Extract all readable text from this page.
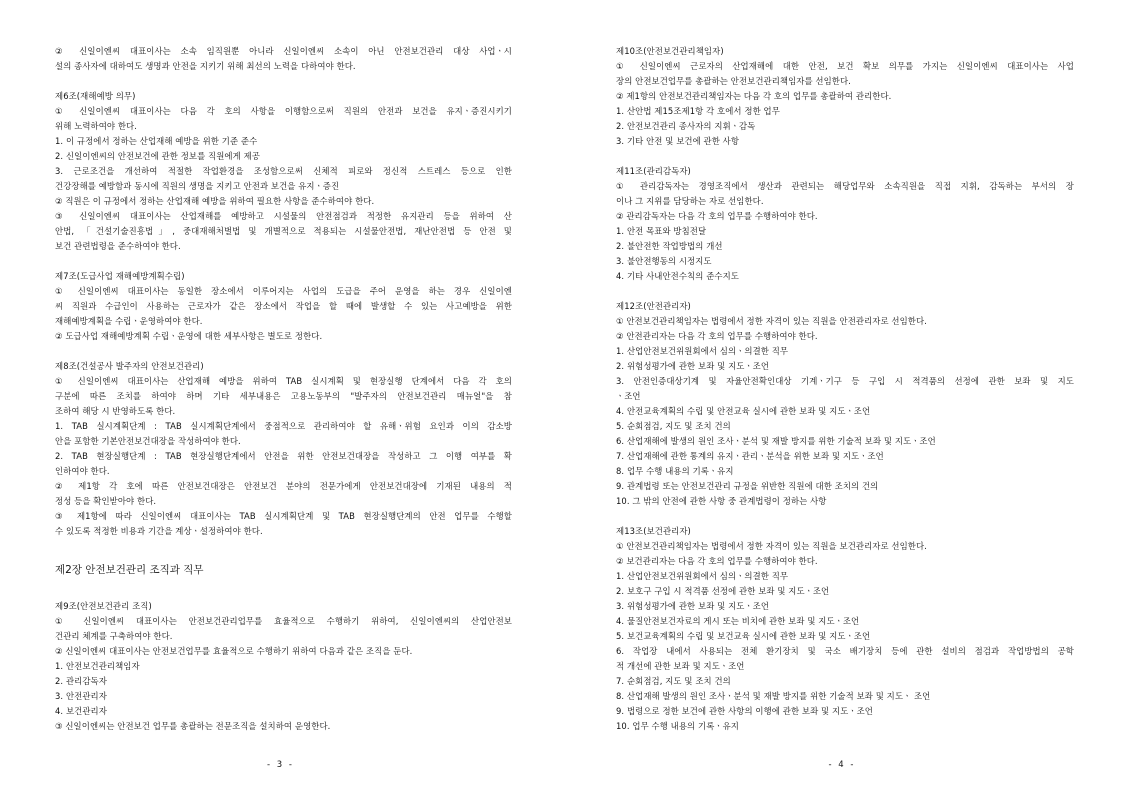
② 신일이엔씨 대표이사는 소속 임직원뿐 아니라 신일이엔씨 소속이 아닌 안전보건관리 대상 사업ㆍ시
설의 종사자에 대하여도 생명과 안전을 지키기 위해 최선의 노력을 다하여야 한다.
제6조(재해예방 의무)
① 신일이엔씨 대표이사는 다음 각 호의 사항을 이행함으로써 직원의 안전과 보건을 유지ㆍ증진시키기
위해 노력하여야 한다.
1. 이 규정에서 정하는 산업재해 예방을 위한 기준 준수
2. 신일이엔씨의 안전보건에 관한 정보를 직원에게 제공
3. 근로조건을 개선하여 적절한 작업환경을 조성함으로써 신체적 피로와 정신적 스트레스 등으로 인한
건강장해를 예방함과 동시에 직원의 생명을 지키고 안전과 보건을 유지ㆍ증진
② 직원은 이 규정에서 정하는 산업재해 예방을 위하여 필요한 사항을 준수하여야 한다.
③ 신일이엔씨 대표이사는 산업재해를 예방하고 시설물의 안전점검과 적정한 유지관리 등을 위하여 산
안법, 「건설기술진흥법」, 중대재해처벌법 및 개별적으로 적용되는 시설물안전법, 재난안전법 등 안전 및
보건 관련법령을 준수하여야 한다.
제7조(도급사업 재해예방계획수립)
① 신일이엔씨 대표이사는 동일한 장소에서 이루어지는 사업의 도급을 주어 운영을 하는 경우 신일이엔
씨 직원과 수급인이 사용하는 근로자가 같은 장소에서 작업을 할 때에 발생할 수 있는 사고예방을 위한
재해예방계획을 수립ㆍ운영하여야 한다.
② 도급사업 재해예방계획 수립ㆍ운영에 대한 세부사항은 별도로 정한다.
제8조(건설공사 발주자의 안전보건관리)
① 신일이엔씨 대표이사는 산업재해 예방을 위하여 TAB 실시계획 및 현장실행 단계에서 다음 각 호의
구분에 따른 조치를 하여야 하며 기타 세부내용은 고용노동부의 "발주자의 안전보건관리 매뉴얼"을 참
조하여 해당 시 반영하도록 한다.
1. TAB 실시계획단계 : TAB 실시계획단계에서 중점적으로 관리하여야 할 유해ㆍ위험 요인과 이의 감소방
안을 포함한 기본안전보건대장을 작성하여야 한다.
2. TAB 현장실행단계 : TAB 현장실행단계에서 안전을 위한 안전보건대장을 작성하고 그 이행 여부를 확
인하여야 한다.
② 제1항 각 호에 따른 안전보건대장은 안전보건 분야의 전문가에게 안전보건대장에 기재된 내용의 적
정성 등을 확인받아야 한다.
③ 제1항에 따라 신일이엔씨 대표이사는 TAB 실시계획단계 및 TAB 현장실행단계의 안전 업무를 수행할
수 있도록 적정한 비용과 기간을 계상ㆍ설정하여야 한다.
제2장 안전보건관리 조직과 직무
제9조(안전보건관리 조직)
① 신일이엔씨 대표이사는 안전보건관리업무를 효율적으로 수행하기 위하여, 신일이엔씨의 산업안전보
건관리 체계를 구축하여야 한다.
② 신일이엔씨 대표이사는 안전보건업무를 효율적으로 수행하기 위하여 다음과 같은 조직을 둔다.
1. 안전보건관리책임자
2. 관리감독자
3. 안전관리자
4. 보건관리자
③ 신일이엔씨는 안전보건 업무를 총괄하는 전문조직을 설치하여 운영한다.
- 3 -
제10조(안전보건관리책임자)
① 신일이엔씨 근로자의 산업재해에 대한 안전, 보건 확보 의무를 가지는 신일이엔씨 대표이사는 사업
장의 안전보건업무를 총괄하는 안전보건관리책임자를 선임한다.
② 제1항의 안전보건관리책임자는 다음 각 호의 업무를 총괄하여 관리한다.
1. 산안법 제15조제1항 각 호에서 정한 업무
2. 안전보건관리 종사자의 지휘ㆍ감독
3. 기타 안전 및 보건에 관한 사항
제11조(관리감독자)
① 관리감독자는 경영조직에서 생산과 관련되는 해당업무와 소속직원을 직접 지휘, 감독하는 부서의 장
이나 그 지위를 담당하는 자로 선임한다.
② 관리감독자는 다음 각 호의 업무를 수행하여야 한다.
1. 안전 목표와 방침전달
2. 불안전한 작업방법의 개선
3. 불안전행동의 시정지도
4. 기타 사내안전수칙의 준수지도
제12조(안전관리자)
① 안전보건관리책임자는 법령에서 정한 자격이 있는 직원을 안전관리자로 선임한다.
② 안전관리자는 다음 각 호의 업무를 수행하여야 한다.
1. 산업안전보건위원회에서 심의ㆍ의결한 직무
2. 위험성평가에 관한 보좌 및 지도ㆍ조언
3. 안전인증대상기계 및 자율안전확인대상 기계ㆍ기구 등 구입 시 적격품의 선정에 관한 보좌 및 지도
ㆍ조언
4. 안전교육계획의 수립 및 안전교육 실시에 관한 보좌 및 지도ㆍ조언
5. 순회점검, 지도 및 조치 건의
6. 산업재해에 발생의 원인 조사ㆍ분석 및 재발 방지를 위한 기술적 보좌 및 지도ㆍ조언
7. 산업재해에 관한 통계의 유지ㆍ관리ㆍ분석을 위한 보좌 및 지도ㆍ조언
8. 업무 수행 내용의 기록ㆍ유지
9. 관계법령 또는 안전보건관리 규정을 위반한 직원에 대한 조치의 건의
10. 그 밖의 안전에 관한 사항 중 관계법령이 정하는 사항
제13조(보건관리자)
① 안전보건관리책임자는 법령에서 정한 자격이 있는 직원을 보건관리자로 선임한다.
② 보건관리자는 다음 각 호의 업무를 수행하여야 한다.
1. 산업안전보건위원회에서 심의ㆍ의결한 직무
2. 보호구 구입 시 적격품 선정에 관한 보좌 및 지도ㆍ조언
3. 위험성평가에 관한 보좌 및 지도ㆍ조언
4. 물질안전보건자료의 게시 또는 비치에 관한 보좌 및 지도ㆍ조언
5. 보건교육계획의 수립 및 보건교육 실시에 관한 보좌 및 지도ㆍ조언
6. 작업장 내에서 사용되는 전체 환기장치 및 국소 배기장치 등에 관한 설비의 점검과 작업방법의 공학
적 개선에 관한 보좌 및 지도ㆍ조언
7. 순회점검, 지도 및 조치 건의
8. 산업재해 발생의 원인 조사ㆍ분석 및 재발 방지를 위한 기술적 보좌 및 지도ㆍ 조언
9. 법령으로 정한 보건에 관한 사항의 이행에 관한 보좌 및 지도ㆍ조언
10. 업무 수행 내용의 기록ㆍ유지
- 4 -
